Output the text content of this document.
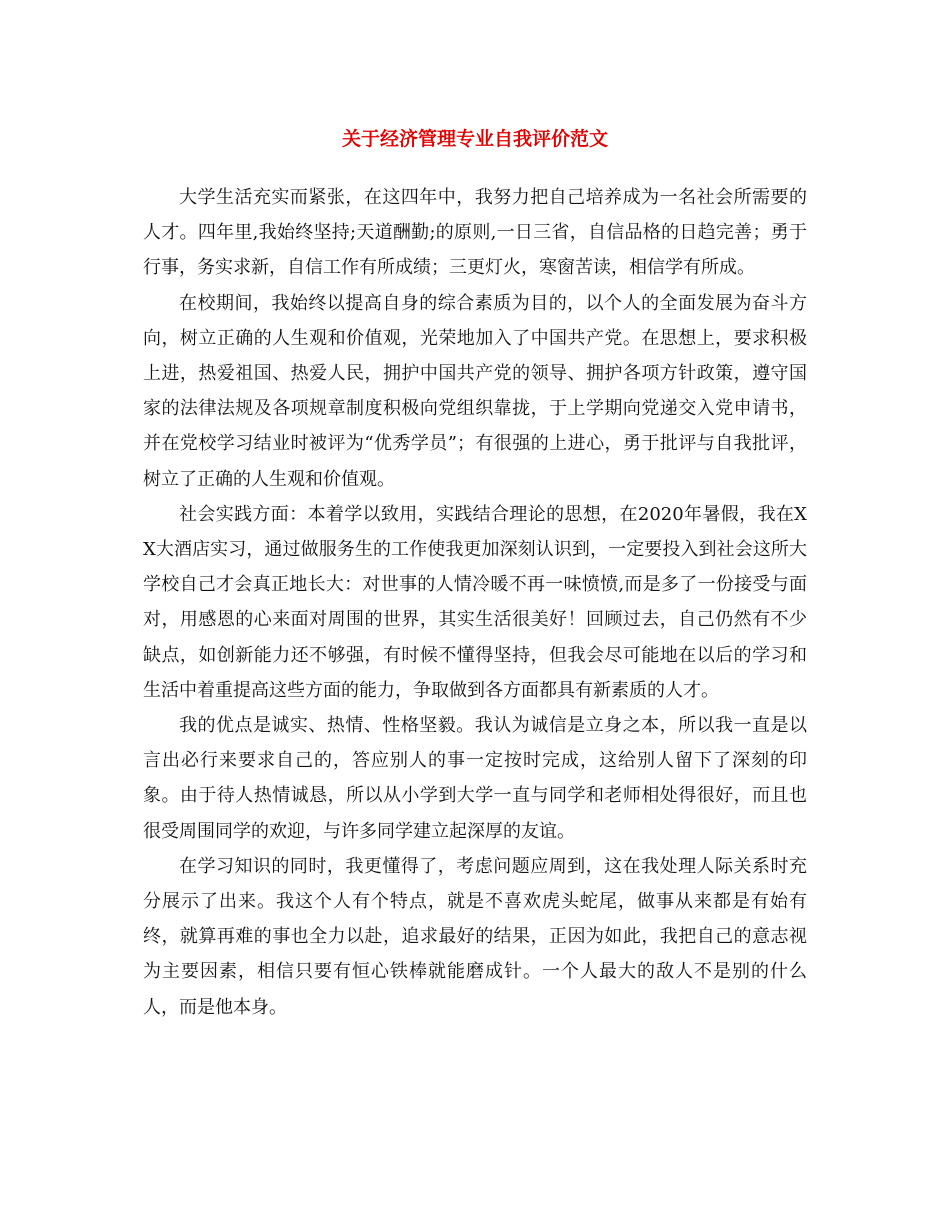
关于经济管理专业自我评价范文

大学生活充实而紧张，在这四年中，我努力把自己培养成为一名社会所需要的人才。四年里,我始终坚持;天道酬勤;的原则,一日三省，自信品格的日趋完善；勇于行事，务实求新，自信工作有所成绩；三更灯火，寒窗苦读，相信学有所成。

在校期间，我始终以提高自身的综合素质为目的，以个人的全面发展为奋斗方向，树立正确的人生观和价值观，光荣地加入了中国共产党。在思想上，要求积极上进，热爱祖国、热爱人民，拥护中国共产党的领导、拥护各项方针政策，遵守国家的法律法规及各项规章制度积极向党组织靠拢，于上学期向党递交入党申请书，并在党校学习结业时被评为“优秀学员”；有很强的上进心，勇于批评与自我批评，树立了正确的人生观和价值观。

社会实践方面：本着学以致用，实践结合理论的思想，在2020年暑假，我在XX大酒店实习，通过做服务生的工作使我更加深刻认识到，一定要投入到社会这所大学校自己才会真正地长大：对世事的人情冷暖不再一味愤愤,而是多了一份接受与面对，用感恩的心来面对周围的世界，其实生活很美好！回顾过去，自己仍然有不少缺点，如创新能力还不够强，有时候不懂得坚持，但我会尽可能地在以后的学习和生活中着重提高这些方面的能力，争取做到各方面都具有新素质的人才。

我的优点是诚实、热情、性格坚毅。我认为诚信是立身之本，所以我一直是以言出必行来要求自己的，答应别人的事一定按时完成，这给别人留下了深刻的印象。由于待人热情诚恳，所以从小学到大学一直与同学和老师相处得很好，而且也很受周围同学的欢迎，与许多同学建立起深厚的友谊。

在学习知识的同时，我更懂得了，考虑问题应周到，这在我处理人际关系时充分展示了出来。我这个人有个特点，就是不喜欢虎头蛇尾，做事从来都是有始有终，就算再难的事也全力以赴，追求最好的结果，正因为如此，我把自己的意志视为主要因素，相信只要有恒心铁棒就能磨成针。一个人最大的敌人不是别的什么人，而是他本身。
